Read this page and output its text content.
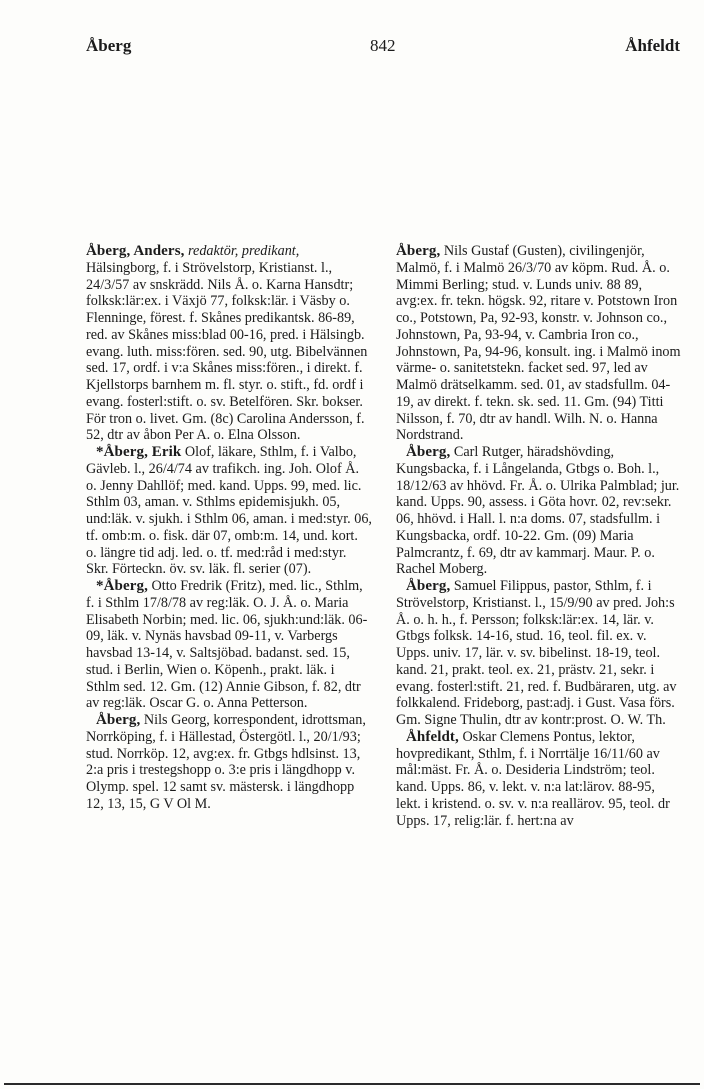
Åberg	842	Åhfeldt

Åberg, Anders, redaktör, predikant, Hälsingborg, f. i Strövelstorp, Kristianst. l., 24/3/57 av snskrädd. Nils Å. o. Karna Hansdtr; folksk:lär:ex. i Växjö 77, folksk:lär. i Väsby o. Flenninge, förest. f. Skånes predikantsk. 86-89, red. av Skånes miss:blad 00-16, pred. i Hälsingb. evang. luth. miss:fören. sed. 90, utg. Bibelvännen sed. 17, ordf. i v:a Skånes miss:fören., i direkt. f. Kjellstorps barnhem m. fl. styr. o. stift., fd. ordf i evang. fosterl:stift. o. sv. Betelfören. Skr. bokser. För tron o. livet. Gm. (8c) Carolina Andersson, f. 52, dtr av åbon Per A. o. Elna Olsson.

*Åberg, Erik Olof, läkare, Sthlm, f. i Valbo, Gävleb. l., 26/4/74 av trafikch. ing. Joh. Olof Å. o. Jenny Dahllöf; med. kand. Upps. 99, med. lic. Sthlm 03, aman. v. Sthlms epidemisjukh. 05, und:läk. v. sjukh. i Sthlm 06, aman. i med:styr. 06, tf. omb:m. o. fisk. där 07, omb:m. 14, und. kort. o. längre tid adj. led. o. tf. med:råd i med:styr. Skr. Förteckn. öv. sv. läk. fl. serier (07).

*Åberg, Otto Fredrik (Fritz), med. lic., Sthlm, f. i Sthlm 17/8/78 av reg:läk. O. J. Å. o. Maria Elisabeth Norbin; med. lic. 06, sjukh:und:läk. 06-09, läk. v. Nynäs havsbad 09-11, v. Varbergs havsbad 13-14, v. Saltsjöbad. badanst. sed. 15, stud. i Berlin, Wien o. Köpenh., prakt. läk. i Sthlm sed. 12. Gm. (12) Annie Gibson, f. 82, dtr av reg:läk. Oscar G. o. Anna Petterson.

Åberg, Nils Georg, korrespondent, idrottsman, Norrköping, f. i Hällestad, Östergötl. l., 20/1/93; stud. Norrköp. 12, avg:ex. fr. Gtbgs hdlsinst. 13, 2:a pris i trestegshopp o. 3:e pris i längdhopp v. Olymp. spel. 12 samt sv. mästersk. i längdhopp 12, 13, 15, G V Ol M.

Åberg, Nils Gustaf (Gusten), civilingenjör, Malmö, f. i Malmö 26/3/70 av köpm. Rud. Å. o. Mimmi Berling; stud. v. Lunds univ. 88 89, avg:ex. fr. tekn. högsk. 92, ritare v. Potstown Iron co., Potstown, Pa, 92-93, konstr. v. Johnson co., Johnstown, Pa, 93-94, v. Cambria Iron co., Johnstown, Pa, 94-96, konsult. ing. i Malmö inom värme- o. sanitetstekn. facket sed. 97, led av Malmö drätselkamm. sed. 01, av stadsfullm. 04-19, av direkt. f. tekn. sk. sed. 11. Gm. (94) Titti Nilsson, f. 70, dtr av handl. Wilh. N. o. Hanna Nordstrand.

Åberg, Carl Rutger, häradshövding, Kungsbacka, f. i Långelanda, Gtbgs o. Boh. l., 18/12/63 av hhövd. Fr. Å. o. Ulrika Palmblad; jur. kand. Upps. 90, assess. i Göta hovr. 02, rev:sekr. 06, hhövd. i Hall. l. n:a doms. 07, stadsfullm. i Kungsbacka, ordf. 10-22. Gm. (09) Maria Palmcrantz, f. 69, dtr av kammarj. Maur. P. o. Rachel Moberg.

Åberg, Samuel Filippus, pastor, Sthlm, f. i Strövelstorp, Kristianst. l., 15/9/90 av pred. Joh:s Å. o. h. h., f. Persson; folksk:lär:ex. 14, lär. v. Gtbgs folksk. 14-16, stud. 16, teol. fil. ex. v. Upps. univ. 17, lär. v. sv. bibelinst. 18-19, teol. kand. 21, prakt. teol. ex. 21, prästv. 21, sekr. i evang. fosterl:stift. 21, red. f. Budbäraren, utg. av folkkalend. Frideborg, past:adj. i Gust. Vasa förs. Gm. Signe Thulin, dtr av kontr:prost. O. W. Th.

Åhfeldt, Oskar Clemens Pontus, lektor, hovpredikant, Sthlm, f. i Norrtälje 16/11/60 av mål:mäst. Fr. Å. o. Desideria Lindström; teol. kand. Upps. 86, v. lekt. v. n:a lat:lärov. 88-95, lekt. i kristend. o. sv. v. n:a reallärov. 95, teol. dr Upps. 17, relig:lär. f. hert:na av
